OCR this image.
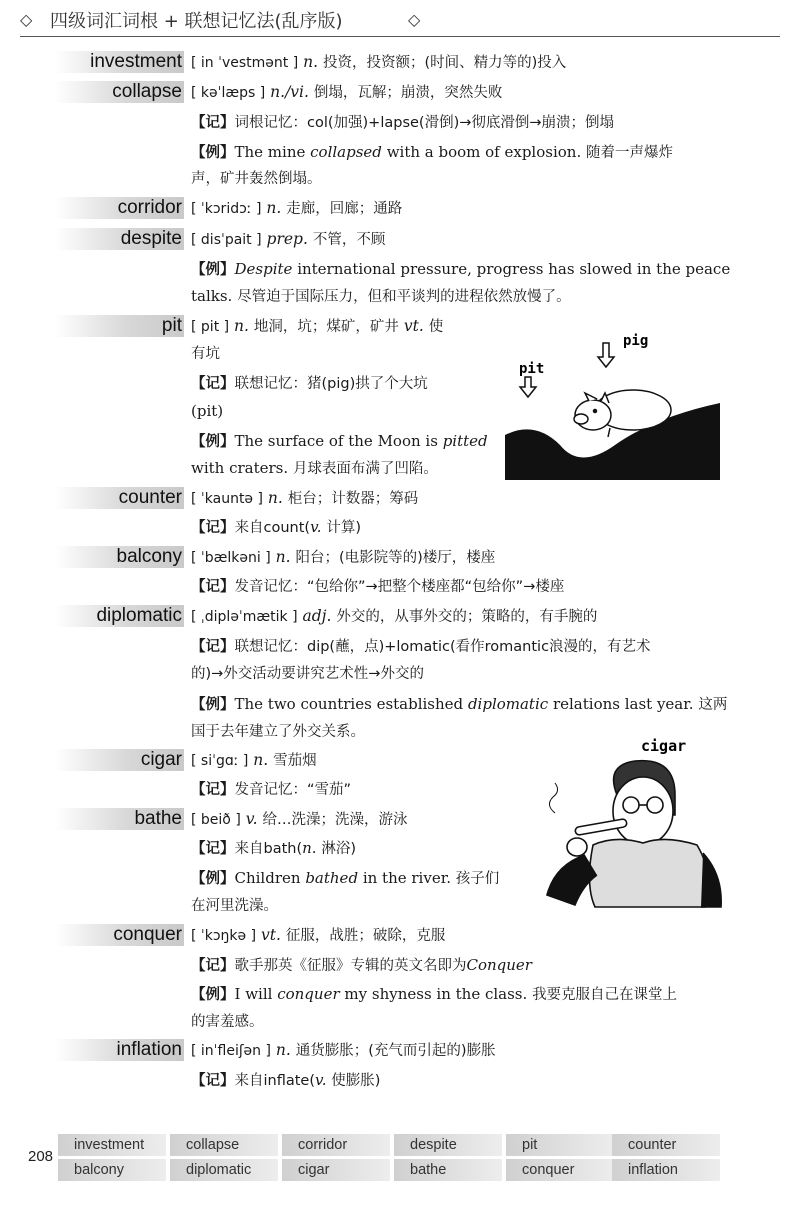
◇ 四级词汇词根 + 联想记忆法(乱序版)	◇
investment [ in ˈvestmənt ] n. 投资，投资额；(时间、精力等的)投入
collapse [ kəˈlæps ] n./vi. 倒塌，瓦解；崩溃，突然失败
【记】词根记忆：col(加强)+lapse(滑倒)→彻底滑倒→崩溃；倒塌
【例】The mine collapsed with a boom of explosion. 随着一声爆炸
声，矿井轰然倒塌。
corridor [ ˈkɔridɔː ] n. 走廊，回廊；通路
despite [ disˈpait ] prep. 不管，不顾
【例】Despite international pressure, progress has slowed in the peace
talks. 尽管迫于国际压力，但和平谈判的进程依然放慢了。
pit [ pit ] n. 地洞，坑；煤矿，矿井 vt. 使
有坑
【记】联想记忆：猪(pig)拱了个大坑
(pit)
【例】The surface of the Moon is pitted
with craters. 月球表面布满了凹陷。
pig
pit
counter [ ˈkauntə ] n. 柜台；计数器；筹码
【记】来自count(v. 计算)
balcony [ ˈbælkəni ] n. 阳台；(电影院等的)楼厅，楼座
【记】发音记忆：“包给你”→把整个楼座都“包给你”→楼座
diplomatic [ ˌdipləˈmætik ] adj. 外交的，从事外交的；策略的，有手腕的
【记】联想记忆：dip(蘸，点)+lomatic(看作romantic浪漫的，有艺术
的)→外交活动要讲究艺术性→外交的
【例】The two countries established diplomatic relations last year. 这两
国于去年建立了外交关系。
cigar [ siˈgɑː ] n. 雪茄烟
【记】发音记忆：“雪茄”
cigar
bathe [ beið ] v. 给…洗澡；洗澡，游泳
【记】来自bath(n. 淋浴)
【例】Children bathed in the river. 孩子们
在河里洗澡。
conquer [ ˈkɔŋkə ] vt. 征服，战胜；破除，克服
【记】歌手那英《征服》专辑的英文名即为Conquer
【例】I will conquer my shyness in the class. 我要克服自己在课堂上
的害羞感。
inflation [ inˈfleiʃən ] n. 通货膨胀；(充气而引起的)膨胀
【记】来自inflate(v. 使膨胀)
208
investment	collapse	corridor	despite	pit	counter
balcony	diplomatic	cigar	bathe	conquer	inflation
